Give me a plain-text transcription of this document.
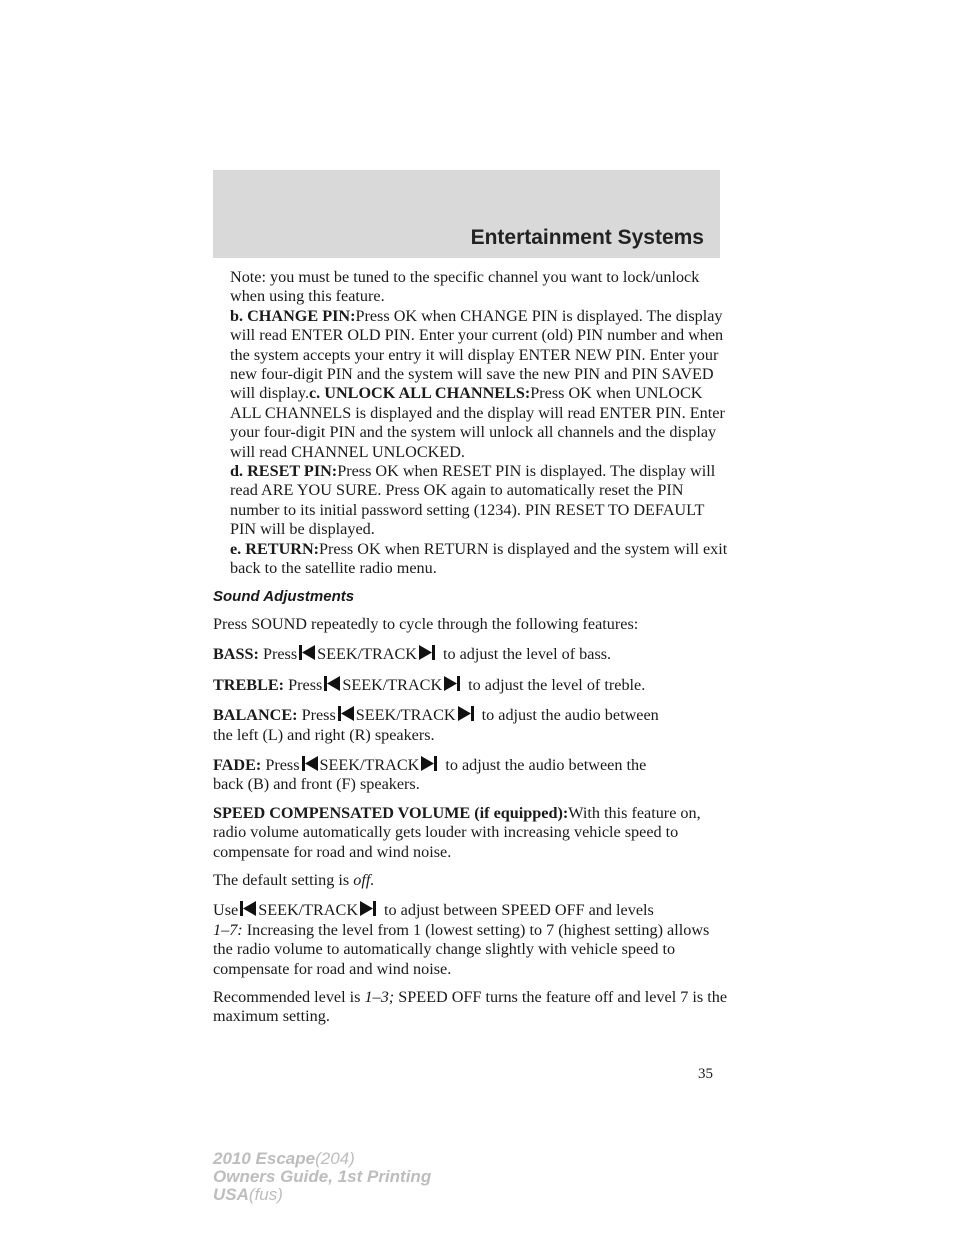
Entertainment Systems

Note: you must be tuned to the specific channel you want to lock/unlock when using this feature.

b. CHANGE PIN:Press OK when CHANGE PIN is displayed. The display will read ENTER OLD PIN. Enter your current (old) PIN number and when the system accepts your entry it will display ENTER NEW PIN. Enter your new four-digit PIN and the system will save the new PIN and PIN SAVED will display.c. UNLOCK ALL CHANNELS:Press OK when UNLOCK ALL CHANNELS is displayed and the display will read ENTER PIN. Enter your four-digit PIN and the system will unlock all channels and the display will read CHANNEL UNLOCKED.

d. RESET PIN:Press OK when RESET PIN is displayed. The display will read ARE YOU SURE. Press OK again to automatically reset the PIN number to its initial password setting (1234). PIN RESET TO DEFAULT PIN will be displayed.

e. RETURN:Press OK when RETURN is displayed and the system will exit back to the satellite radio menu.

Sound Adjustments

Press SOUND repeatedly to cycle through the following features:

BASS: Press SEEK/TRACK to adjust the level of bass.

TREBLE: Press SEEK/TRACK to adjust the level of treble.

BALANCE: Press SEEK/TRACK to adjust the audio between
the left (L) and right (R) speakers.

FADE: Press SEEK/TRACK to adjust the audio between the
back (B) and front (F) speakers.

SPEED COMPENSATED VOLUME (if equipped):With this feature on, radio volume automatically gets louder with increasing vehicle speed to compensate for road and wind noise.

The default setting is off.

Use SEEK/TRACK to adjust between SPEED OFF and levels
1–7: Increasing the level from 1 (lowest setting) to 7 (highest setting) allows the radio volume to automatically change slightly with vehicle speed to compensate for road and wind noise.

Recommended level is 1–3; SPEED OFF turns the feature off and level 7 is the maximum setting.

35
2010 Escape(204)
Owners Guide, 1st Printing
USA(fus)
